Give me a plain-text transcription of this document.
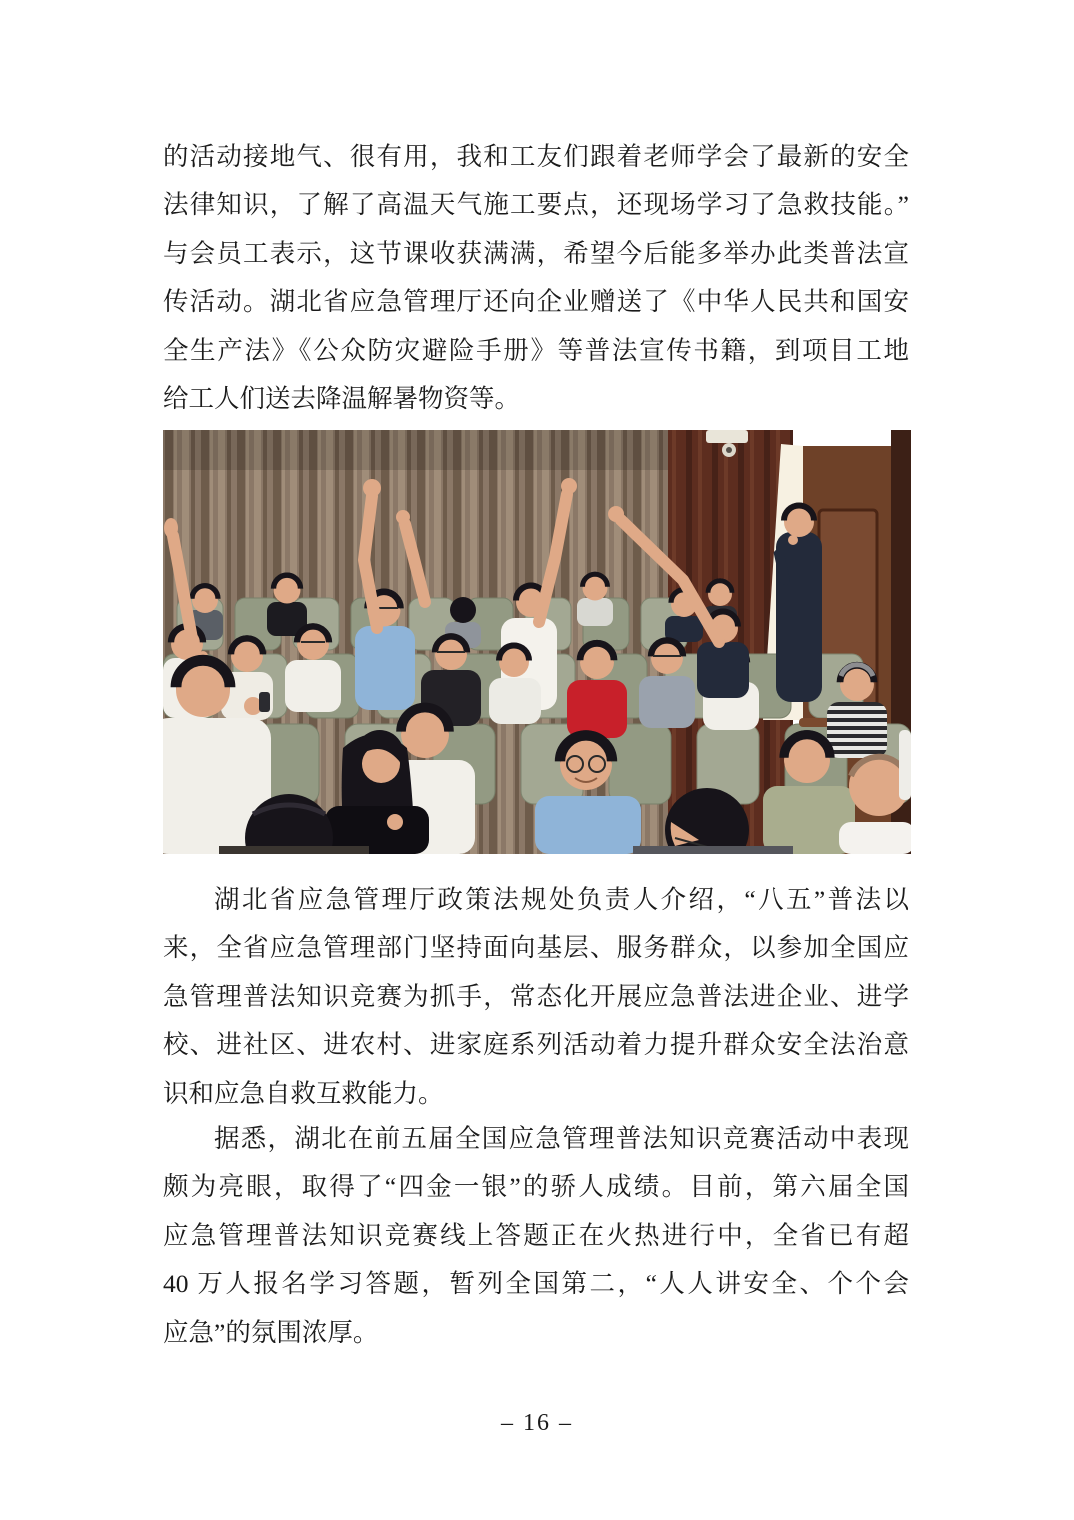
的活动接地气、很有用，我和工友们跟着老师学会了最新的安全
法律知识，了解了高温天气施工要点，还现场学习了急救技能。”
与会员工表示，这节课收获满满，希望今后能多举办此类普法宣
传活动。湖北省应急管理厅还向企业赠送了《中华人民共和国安
全生产法》《公众防灾避险手册》等普法宣传书籍，到项目工地
给工人们送去降温解暑物资等。
湖北省应急管理厅政策法规处负责人介绍，“八五”普法以
来，全省应急管理部门坚持面向基层、服务群众，以参加全国应
急管理普法知识竞赛为抓手，常态化开展应急普法进企业、进学
校、进社区、进农村、进家庭系列活动着力提升群众安全法治意
识和应急自救互救能力。
据悉，湖北在前五届全国应急管理普法知识竞赛活动中表现
颇为亮眼，取得了“四金一银”的骄人成绩。目前，第六届全国
应急管理普法知识竞赛线上答题正在火热进行中，全省已有超
40 万人报名学习答题，暂列全国第二，“人人讲安全、个个会
应急”的氛围浓厚。
– 16 –
